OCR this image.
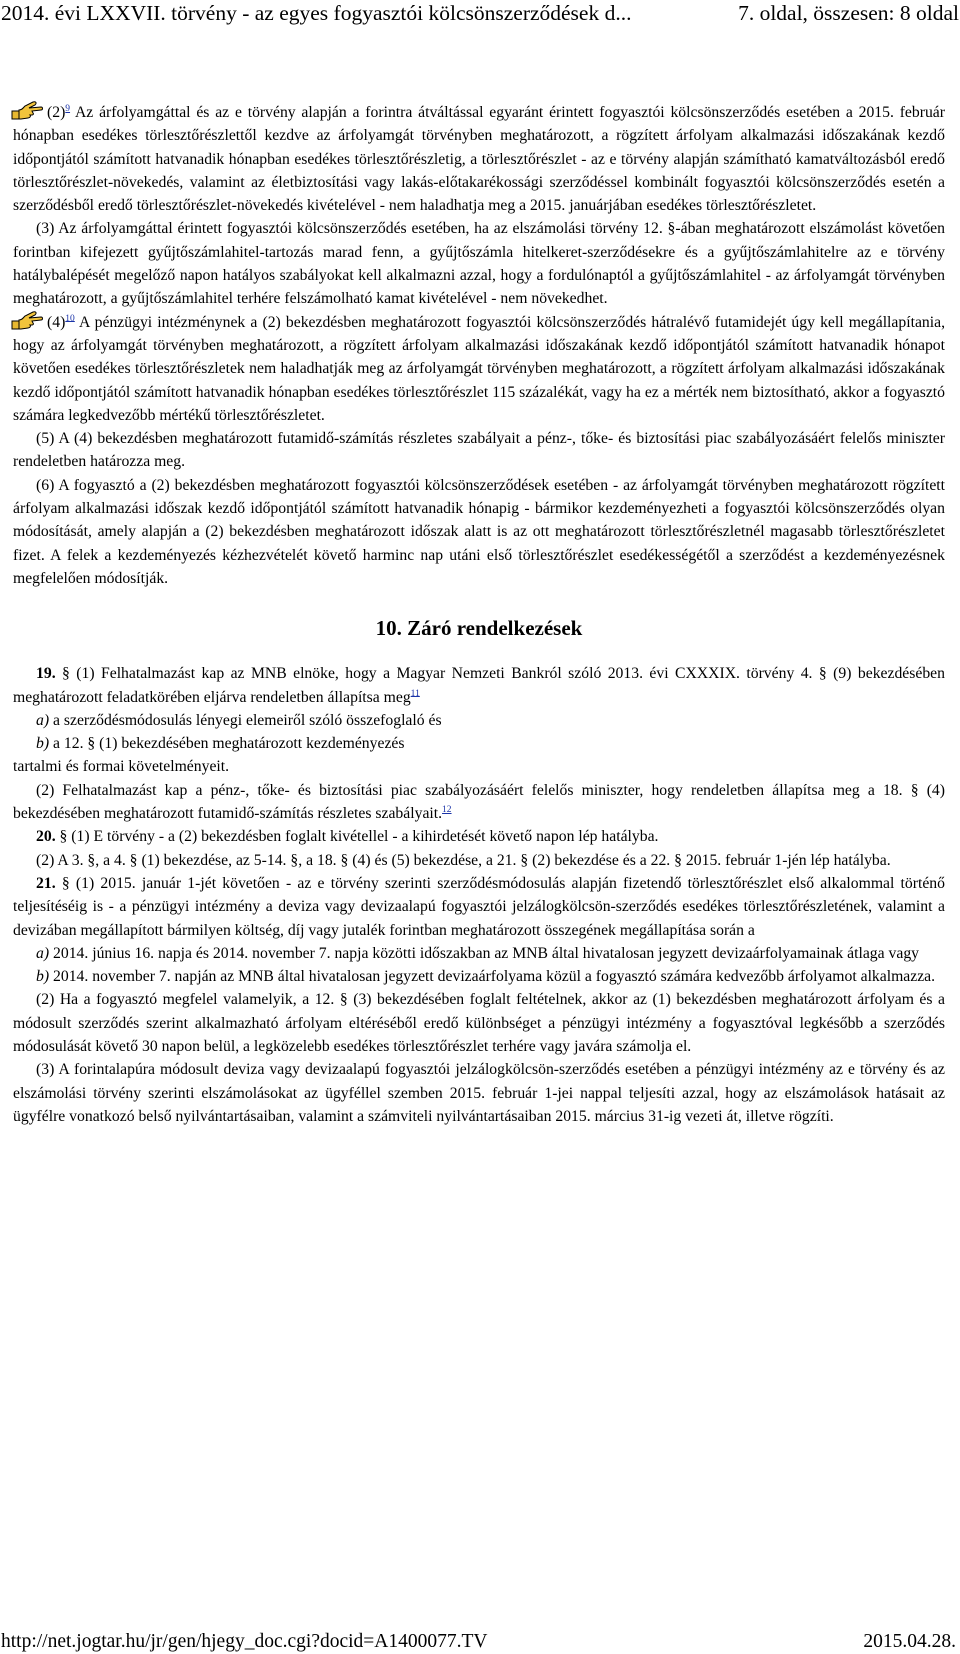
2014. évi LXXVII. törvény - az egyes fogyasztói kölcsönszerződések d...	7. oldal, összesen: 8 oldal

$(2)^9$ Az árfolyamgáttal és az e törvény alapján a forintra átváltással egyaránt érintett fogyasztói kölcsönszerződés esetében a 2015. február hónapban esedékes törlesztőrészlettől kezdve az árfolyamgát törvényben meghatározott, a rögzített árfolyam alkalmazási időszakának kezdő időpontjától számított hatvanadik hónapban esedékes törlesztőrészletig, a törlesztőrészlet - az e törvény alapján számítható kamatváltozásból eredő törlesztőrészlet-növekedés, valamint az életbiztosítási vagy lakás-előtakarékossági szerződéssel kombinált fogyasztói kölcsönszerződés esetén a szerződésből eredő törlesztőrészlet-növekedés kivételével - nem haladhatja meg a 2015. januárjában esedékes törlesztőrészletet.

(3) Az árfolyamgáttal érintett fogyasztói kölcsönszerződés esetében, ha az elszámolási törvény 12. §-ában meghatározott elszámolást követően forintban kifejezett gyűjtőszámlahitel-tartozás marad fenn, a gyűjtőszámla hitelkeret-szerződésekre és a gyűjtőszámlahitelre az e törvény hatálybalépését megelőző napon hatályos szabályokat kell alkalmazni azzal, hogy a fordulónaptól a gyűjtőszámlahitel - az árfolyamgát törvényben meghatározott, a gyűjtőszámlahitel terhére felszámolható kamat kivételével - nem növekedhet.

$(4)^{10}$ A pénzügyi intézménynek a (2) bekezdésben meghatározott fogyasztói kölcsönszerződés hátralévő futamidejét úgy kell megállapítania, hogy az árfolyamgát törvényben meghatározott, a rögzített árfolyam alkalmazási időszakának kezdő időpontjától számított hatvanadik hónapot követően esedékes törlesztőrészletek nem haladhatják meg az árfolyamgát törvényben meghatározott, a rögzített árfolyam alkalmazási időszakának kezdő időpontjától számított hatvanadik hónapban esedékes törlesztőrészlet 115 százalékát, vagy ha ez a mérték nem biztosítható, akkor a fogyasztó számára legkedvezőbb mértékű törlesztőrészletet.

(5) A (4) bekezdésben meghatározott futamidő-számítás részletes szabályait a pénz-, tőke- és biztosítási piac szabályozásáért felelős miniszter rendeletben határozza meg.

(6) A fogyasztó a (2) bekezdésben meghatározott fogyasztói kölcsönszerződések esetében - az árfolyamgát törvényben meghatározott rögzített árfolyam alkalmazási időszak kezdő időpontjától számított hatvanadik hónapig - bármikor kezdeményezheti a fogyasztói kölcsönszerződés olyan módosítását, amely alapján a (2) bekezdésben meghatározott időszak alatt is az ott meghatározott törlesztőrészletnél magasabb törlesztőrészletet fizet. A felek a kezdeményezés kézhezvételét követő harminc nap utáni első törlesztőrészlet esedékességétől a szerződést a kezdeményezésnek megfelelően módosítják.

10. Záró rendelkezések

19. § (1) Felhatalmazást kap az MNB elnöke, hogy a Magyar Nemzeti Bankról szóló 2013. évi CXXXIX. törvény 4. § (9) bekezdésében meghatározott feladatkörében eljárva rendeletben állapítsa meg$^{11}$

a) a szerződésmódosulás lényegi elemeiről szóló összefoglaló és

b) a 12. § (1) bekezdésében meghatározott kezdeményezés

tartalmi és formai követelményeit.

(2) Felhatalmazást kap a pénz-, tőke- és biztosítási piac szabályozásáért felelős miniszter, hogy rendeletben állapítsa meg a 18. § (4) bekezdésében meghatározott futamidő-számítás részletes szabályait.$^{12}$

20. § (1) E törvény - a (2) bekezdésben foglalt kivétellel - a kihirdetését követő napon lép hatályba.

(2) A 3. §, a 4. § (1) bekezdése, az 5-14. §, a 18. § (4) és (5) bekezdése, a 21. § (2) bekezdése és a 22. § 2015. február 1-jén lép hatályba.

21. § (1) 2015. január 1-jét követően - az e törvény szerinti szerződésmódosulás alapján fizetendő törlesztőrészlet első alkalommal történő teljesítéséig is - a pénzügyi intézmény a deviza vagy devizaalapú fogyasztói jelzálogkölcsön-szerződés esedékes törlesztőrészletének, valamint a devizában megállapított bármilyen költség, díj vagy jutalék forintban meghatározott összegének megállapítása során a

a) 2014. június 16. napja és 2014. november 7. napja közötti időszakban az MNB által hivatalosan jegyzett devizaárfolyamainak átlaga vagy

b) 2014. november 7. napján az MNB által hivatalosan jegyzett devizaárfolyama közül a fogyasztó számára kedvezőbb árfolyamot alkalmazza.

(2) Ha a fogyasztó megfelel valamelyik, a 12. § (3) bekezdésében foglalt feltételnek, akkor az (1) bekezdésben meghatározott árfolyam és a módosult szerződés szerint alkalmazható árfolyam eltéréséből eredő különbséget a pénzügyi intézmény a fogyasztóval legkésőbb a szerződés módosulását követő 30 napon belül, a legközelebb esedékes törlesztőrészlet terhére vagy javára számolja el.

(3) A forintalapúra módosult deviza vagy devizaalapú fogyasztói jelzálogkölcsön-szerződés esetében a pénzügyi intézmény az e törvény és az elszámolási törvény szerinti elszámolásokat az ügyféllel szemben 2015. február 1-jei nappal teljesíti azzal, hogy az elszámolások hatásait az ügyfélre vonatkozó belső nyilvántartásaiban, valamint a számviteli nyilvántartásaiban 2015. március 31-ig vezeti át, illetve rögzíti.

http://net.jogtar.hu/jr/gen/hjegy_doc.cgi?docid=A1400077.TV	2015.04.28.
